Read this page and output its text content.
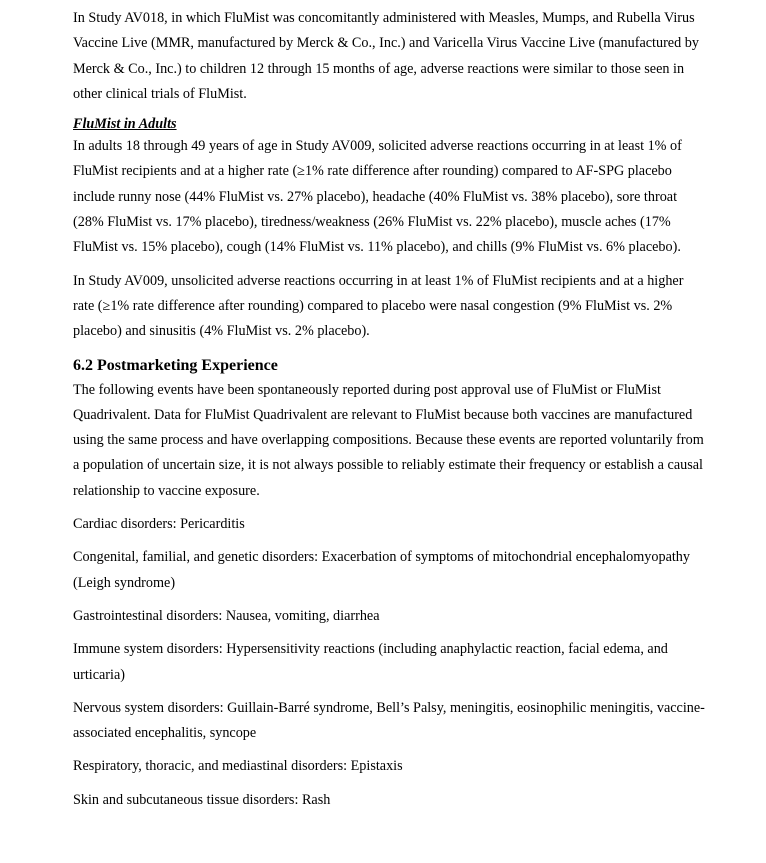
In Study AV018, in which FluMist was concomitantly administered with Measles, Mumps, and Rubella Virus Vaccine Live (MMR, manufactured by Merck & Co., Inc.) and Varicella Virus Vaccine Live (manufactured by Merck & Co., Inc.) to children 12 through 15 months of age, adverse reactions were similar to those seen in other clinical trials of FluMist.

FluMist in Adults

In adults 18 through 49 years of age in Study AV009, solicited adverse reactions occurring in at least 1% of FluMist recipients and at a higher rate (≥1% rate difference after rounding) compared to AF-SPG placebo include runny nose (44% FluMist vs. 27% placebo), headache (40% FluMist vs. 38% placebo), sore throat (28% FluMist vs. 17% placebo), tiredness/weakness (26% FluMist vs. 22% placebo), muscle aches (17% FluMist vs. 15% placebo), cough (14% FluMist vs. 11% placebo), and chills (9% FluMist vs. 6% placebo).

In Study AV009, unsolicited adverse reactions occurring in at least 1% of FluMist recipients and at a higher rate (≥1% rate difference after rounding) compared to placebo were nasal congestion (9% FluMist vs. 2% placebo) and sinusitis (4% FluMist vs. 2% placebo).

6.2 Postmarketing Experience

The following events have been spontaneously reported during post approval use of FluMist or FluMist Quadrivalent. Data for FluMist Quadrivalent are relevant to FluMist because both vaccines are manufactured using the same process and have overlapping compositions. Because these events are reported voluntarily from a population of uncertain size, it is not always possible to reliably estimate their frequency or establish a causal relationship to vaccine exposure.

Cardiac disorders: Pericarditis

Congenital, familial, and genetic disorders: Exacerbation of symptoms of mitochondrial encephalomyopathy (Leigh syndrome)

Gastrointestinal disorders: Nausea, vomiting, diarrhea

Immune system disorders: Hypersensitivity reactions (including anaphylactic reaction, facial edema, and urticaria)

Nervous system disorders: Guillain-Barré syndrome, Bell’s Palsy, meningitis, eosinophilic meningitis, vaccine-associated encephalitis, syncope

Respiratory, thoracic, and mediastinal disorders: Epistaxis

Skin and subcutaneous tissue disorders: Rash
